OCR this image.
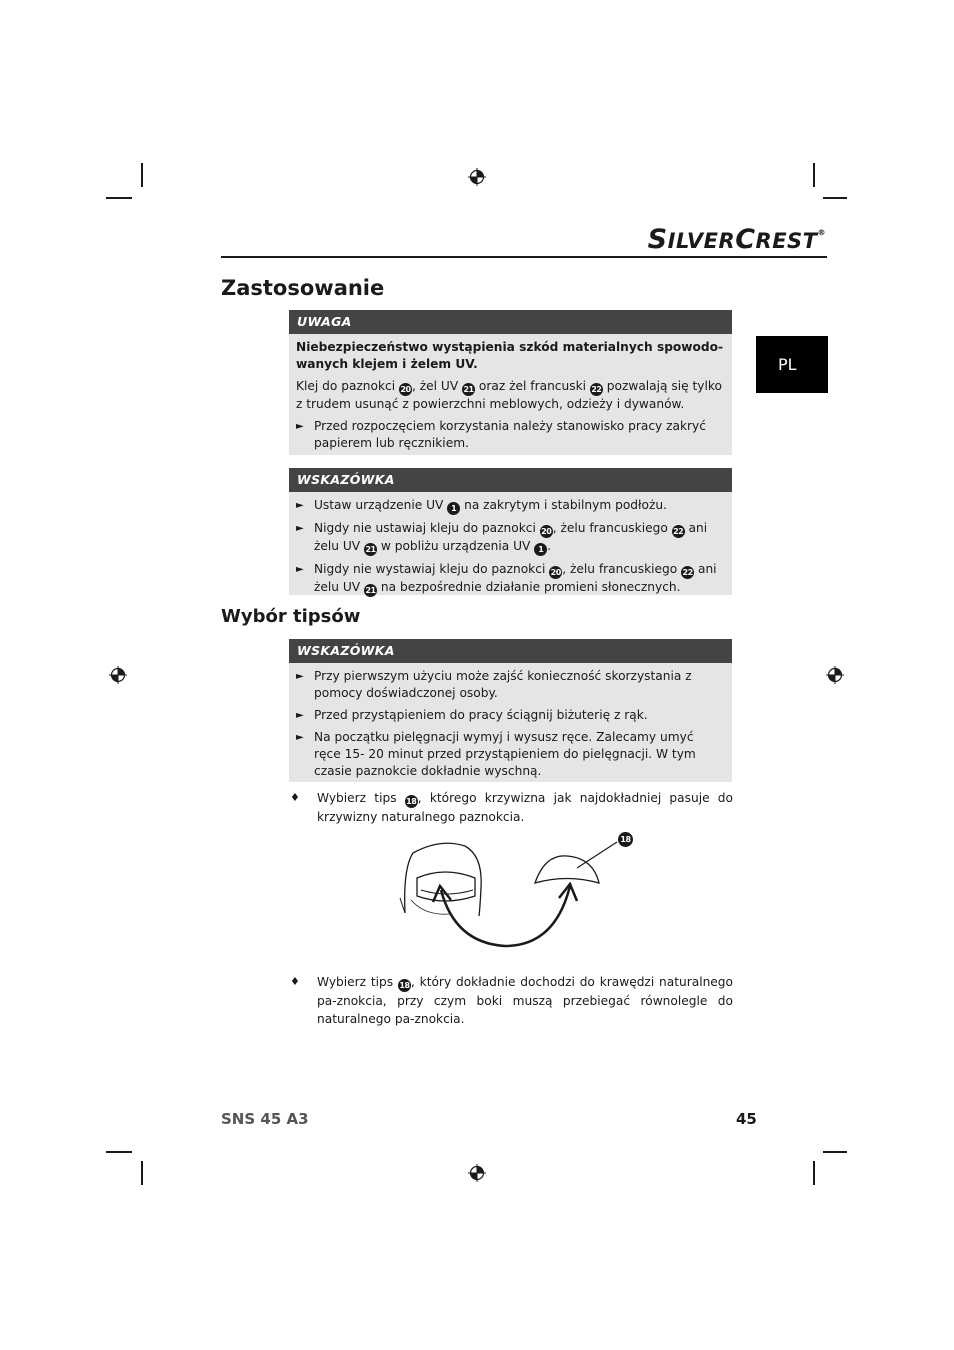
SILVERCREST®
PL
Zastosowanie
UWAGA

Niebezpieczeństwo wystąpienia szkód materialnych spowodo-wanych klejem i żelem UV.

Klej do paznokci 20, żel UV 21 oraz żel francuski 22 pozwalają się tylko z trudem usunąć z powierzchni meblowych, odzieży i dywanów.

► Przed rozpoczęciem korzystania należy stanowisko pracy zakryć papierem lub ręcznikiem.
WSKAZÓWKA
► Ustaw urządzenie UV 1 na zakrytym i stabilnym podłożu.
► Nigdy nie ustawiaj kleju do paznokci 20, żelu francuskiego 22 ani żelu UV 21 w pobliżu urządzenia UV 1 .
► Nigdy nie wystawiaj kleju do paznokci 20, żelu francuskiego 22 ani żelu UV 21 na bezpośrednie działanie promieni słonecznych.
Wybór tipsów
WSKAZÓWKA
► Przy pierwszym użyciu może zajść konieczność skorzystania z pomocy doświadczonej osoby.
► Przed przystąpieniem do pracy ściągnij biżuterię z rąk.
► Na początku pielęgnacji wymyj i wysusz ręce. Zalecamy umyć ręce 15- 20 minut przed przystąpieniem do pielęgnacji. W tym czasie paznokcie dokładnie wyschną.
♦	Wybierz tips 18, którego krzywizna jak najdokładniej pasuje do krzywizny naturalnego paznokcia.
18
♦	Wybierz tips 18, który dokładnie dochodzi do krawędzi naturalnego pa-znokcia, przy czym boki muszą przebiegać równolegle do naturalnego pa-znokcia.
SNS 45 A3	45
